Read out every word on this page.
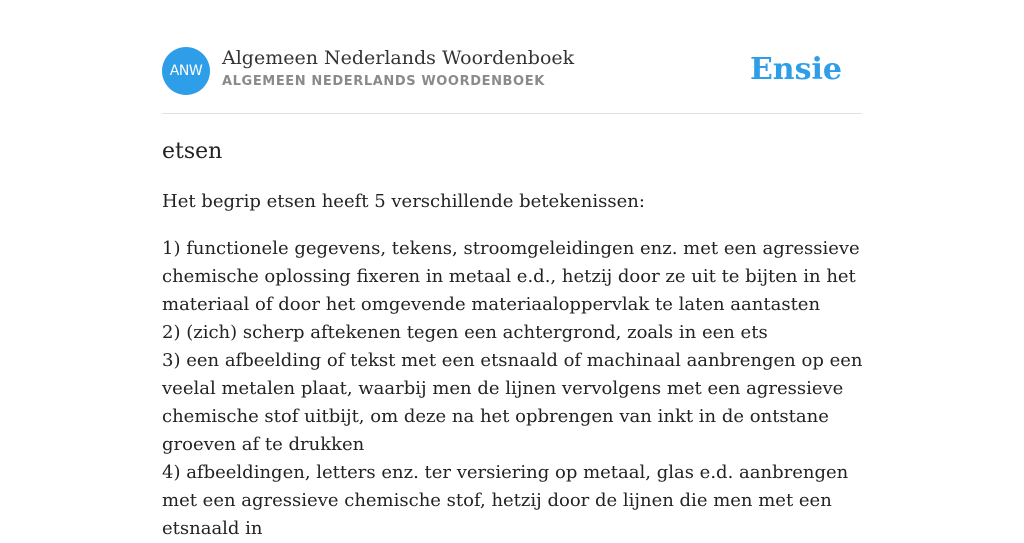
ANW
Algemeen Nederlands Woordenboek
ALGEMEEN NEDERLANDS WOORDENBOEK	Ensie
etsen

Het begrip etsen heeft 5 verschillende betekenissen:

1) functionele gegevens, tekens, stroomgeleidingen enz. met een agressieve chemische oplossing fixeren in metaal e.d., hetzij door ze uit te bijten in het materiaal of door het omgevende materiaaloppervlak te laten aantasten

2) (zich) scherp aftekenen tegen een achtergrond, zoals in een ets

3) een afbeelding of tekst met een etsnaald of machinaal aanbrengen op een veelal metalen plaat, waarbij men de lijnen vervolgens met een agressieve chemische stof uitbijt, om deze na het opbrengen van inkt in de ontstane groeven af te drukken

4) afbeeldingen, letters enz. ter versiering op metaal, glas e.d. aanbrengen met een agressieve chemische stof, hetzij door de lijnen die men met een etsnaald in
